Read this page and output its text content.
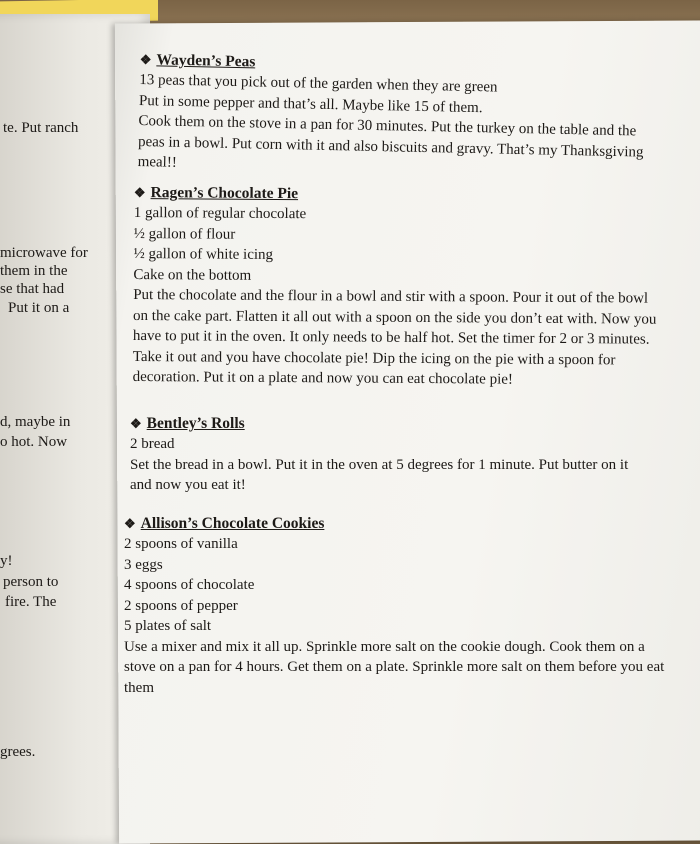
te. Put ranch
microwave for
them in the
se that had
Put it on a
d, maybe in
o hot. Now
y!
person to
fire. The
grees.
❖ Wayden’s Peas
13 peas that you pick out of the garden when they are green
Put in some pepper and that’s all. Maybe like 15 of them.
Cook them on the stove in a pan for 30 minutes. Put the turkey on the table and the peas in a bowl. Put corn with it and also biscuits and gravy. That’s my Thanksgiving meal!!
❖ Ragen’s Chocolate Pie
1 gallon of regular chocolate
½ gallon of flour
½ gallon of white icing
Cake on the bottom
Put the chocolate and the flour in a bowl and stir with a spoon. Pour it out of the bowl on the cake part. Flatten it all out with a spoon on the side you don’t eat with. Now you have to put it in the oven. It only needs to be half hot. Set the timer for 2 or 3 minutes. Take it out and you have chocolate pie! Dip the icing on the pie with a spoon for decoration. Put it on a plate and now you can eat chocolate pie!
❖ Bentley’s Rolls
2 bread
Set the bread in a bowl. Put it in the oven at 5 degrees for 1 minute. Put butter on it and now you eat it!
❖ Allison’s Chocolate Cookies
2 spoons of vanilla
3 eggs
4 spoons of chocolate
2 spoons of pepper
5 plates of salt
Use a mixer and mix it all up. Sprinkle more salt on the cookie dough. Cook them on a stove on a pan for 4 hours. Get them on a plate. Sprinkle more salt on them before you eat them
